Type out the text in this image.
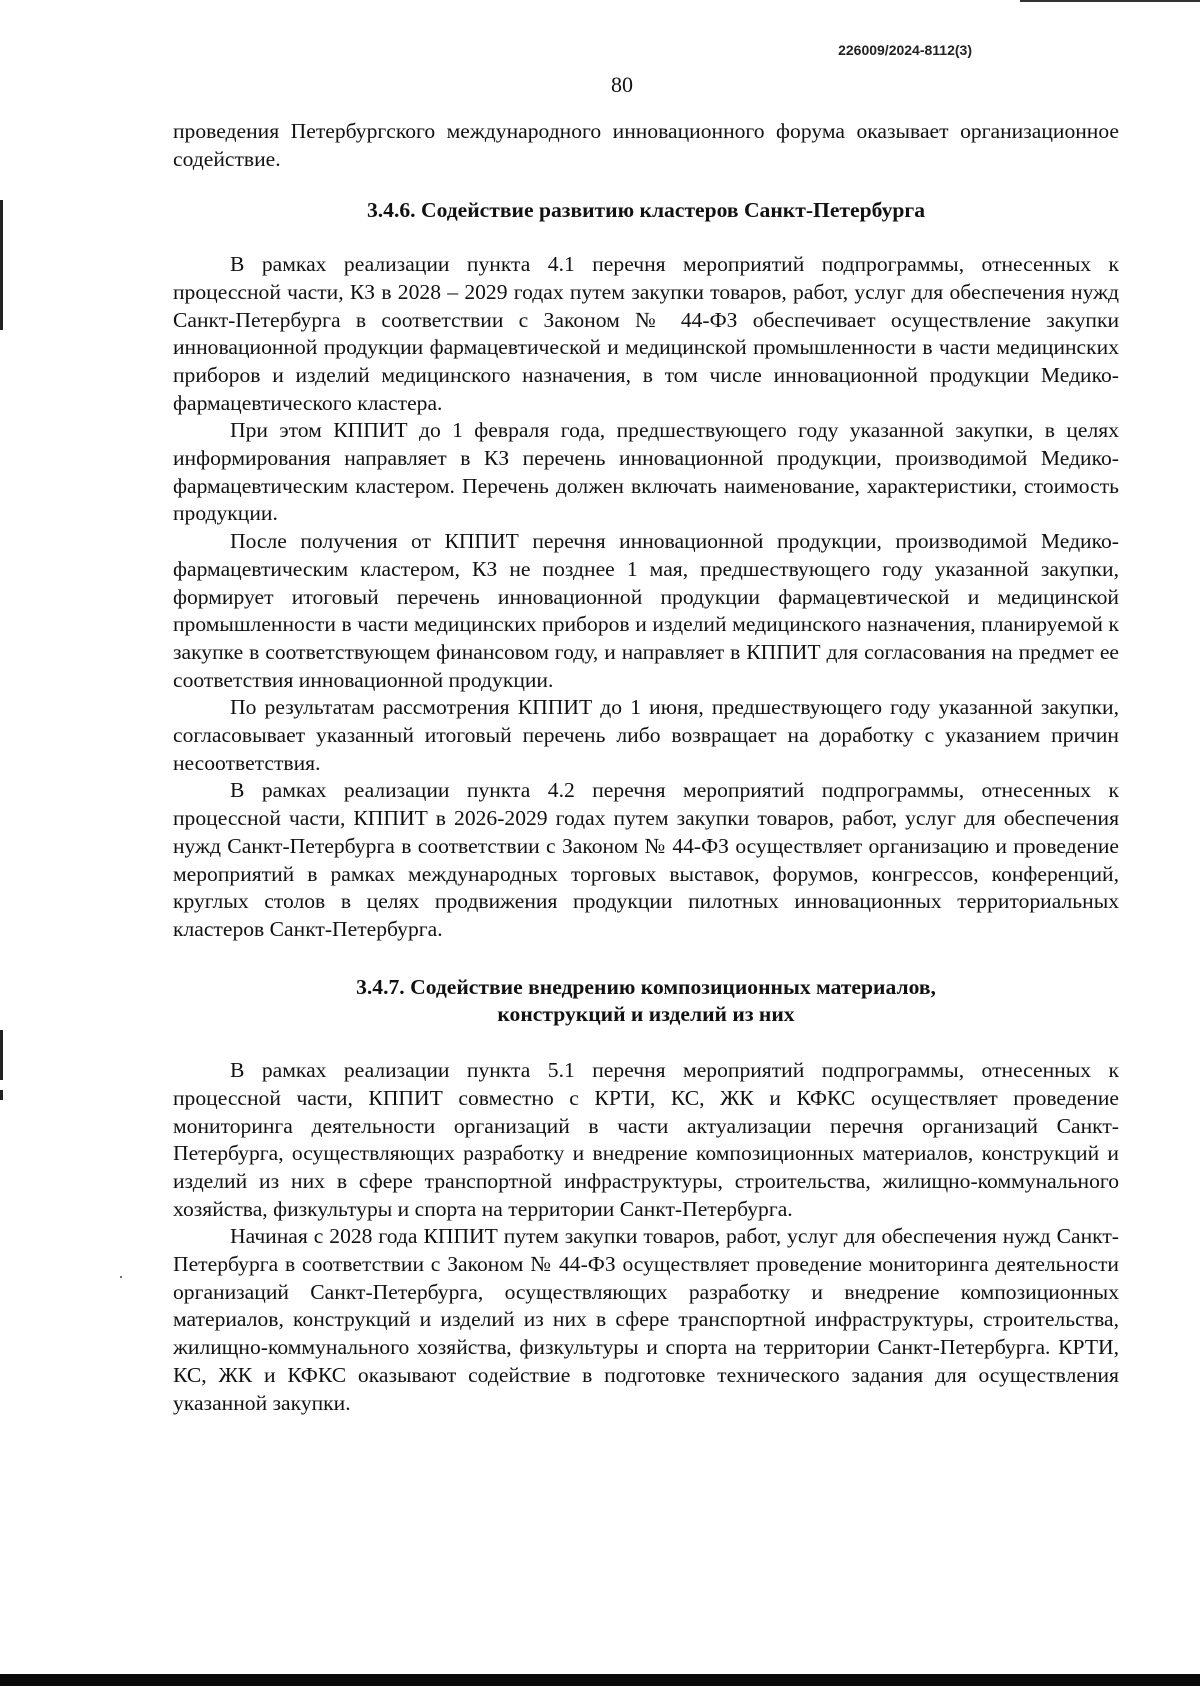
226009/2024-8112(3)
80

проведения Петербургского международного инновационного форума оказывает организационное содействие.

3.4.6. Содействие развитию кластеров Санкт-Петербурга

В рамках реализации пункта 4.1 перечня мероприятий подпрограммы, отнесенных к процессной части, КЗ в 2028 – 2029 годах путем закупки товаров, работ, услуг для обеспечения нужд Санкт-Петербурга в соответствии с Законом № 44-ФЗ обеспечивает осуществление закупки инновационной продукции фармацевтической и медицинской промышленности в части медицинских приборов и изделий медицинского назначения, в том числе инновационной продукции Медико-фармацевтического кластера.

При этом КППИТ до 1 февраля года, предшествующего году указанной закупки, в целях информирования направляет в КЗ перечень инновационной продукции, производимой Медико-фармацевтическим кластером. Перечень должен включать наименование, характеристики, стоимость продукции.

После получения от КППИТ перечня инновационной продукции, производимой Медико-фармацевтическим кластером, КЗ не позднее 1 мая, предшествующего году указанной закупки, формирует итоговый перечень инновационной продукции фармацевтической и медицинской промышленности в части медицинских приборов и изделий медицинского назначения, планируемой к закупке в соответствующем финансовом году, и направляет в КППИТ для согласования на предмет ее соответствия инновационной продукции.

По результатам рассмотрения КППИТ до 1 июня, предшествующего году указанной закупки, согласовывает указанный итоговый перечень либо возвращает на доработку с указанием причин несоответствия.

В рамках реализации пункта 4.2 перечня мероприятий подпрограммы, отнесенных к процессной части, КППИТ в 2026-2029 годах путем закупки товаров, работ, услуг для обеспечения нужд Санкт-Петербурга в соответствии с Законом № 44-ФЗ осуществляет организацию и проведение мероприятий в рамках международных торговых выставок, форумов, конгрессов, конференций, круглых столов в целях продвижения продукции пилотных инновационных территориальных кластеров Санкт-Петербурга.

3.4.7. Содействие внедрению композиционных материалов,
конструкций и изделий из них

В рамках реализации пункта 5.1 перечня мероприятий подпрограммы, отнесенных к процессной части, КППИТ совместно с КРТИ, КС, ЖК и КФКС осуществляет проведение мониторинга деятельности организаций в части актуализации перечня организаций Санкт-Петербурга, осуществляющих разработку и внедрение композиционных материалов, конструкций и изделий из них в сфере транспортной инфраструктуры, строительства, жилищно-коммунального хозяйства, физкультуры и спорта на территории Санкт-Петербурга.

Начиная с 2028 года КППИТ путем закупки товаров, работ, услуг для обеспечения нужд Санкт-Петербурга в соответствии с Законом № 44-ФЗ осуществляет проведение мониторинга деятельности организаций Санкт-Петербурга, осуществляющих разработку и внедрение композиционных материалов, конструкций и изделий из них в сфере транспортной инфраструктуры, строительства, жилищно-коммунального хозяйства, физкультуры и спорта на территории Санкт-Петербурга. КРТИ, КС, ЖК и КФКС оказывают содействие в подготовке технического задания для осуществления указанной закупки.
